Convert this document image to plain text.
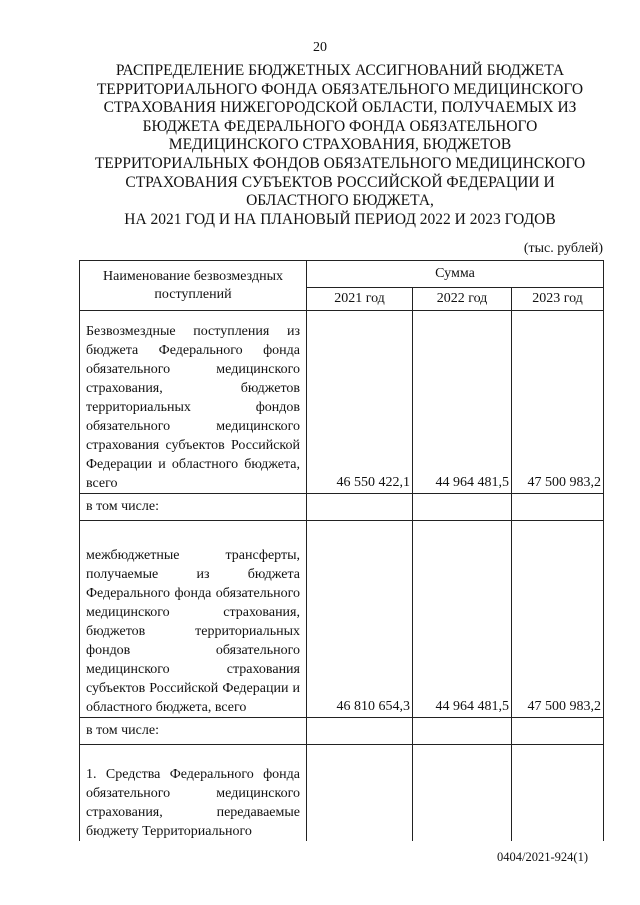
20
РАСПРЕДЕЛЕНИЕ БЮДЖЕТНЫХ АССИГНОВАНИЙ БЮДЖЕТА
ТЕРРИТОРИАЛЬНОГО ФОНДА ОБЯЗАТЕЛЬНОГО МЕДИЦИНСКОГО
СТРАХОВАНИЯ НИЖЕГОРОДСКОЙ ОБЛАСТИ, ПОЛУЧАЕМЫХ ИЗ
БЮДЖЕТА ФЕДЕРАЛЬНОГО ФОНДА ОБЯЗАТЕЛЬНОГО
МЕДИЦИНСКОГО СТРАХОВАНИЯ, БЮДЖЕТОВ
ТЕРРИТОРИАЛЬНЫХ ФОНДОВ ОБЯЗАТЕЛЬНОГО МЕДИЦИНСКОГО
СТРАХОВАНИЯ СУБЪЕКТОВ РОССИЙСКОЙ ФЕДЕРАЦИИ И
ОБЛАСТНОГО БЮДЖЕТА,
НА 2021 ГОД И НА ПЛАНОВЫЙ ПЕРИОД 2022 И 2023 ГОДОВ
(тыс. рублей)
Наименование безвозмездных поступлений	Сумма		
	2021 год	2022 год	2023 год
Безвозмездные поступления из бюджета Федерального фонда обязательного медицинского страхования, бюджетов территориальных фондов обязательного медицинского страхования субъектов Российской Федерации и областного бюджета, всего	46 550 422,1	44 964 481,5	47 500 983,2
в том числе:			
межбюджетные трансферты, получаемые из бюджета Федерального фонда обязательного медицинского страхования, бюджетов территориальных фондов обязательного медицинского страхования субъектов Российской Федерации и областного бюджета, всего	46 810 654,3	44 964 481,5	47 500 983,2
в том числе:			
1. Средства Федерального фонда обязательного медицинского страхования, передаваемые бюджету Территориального			
0404/2021-924(1)
